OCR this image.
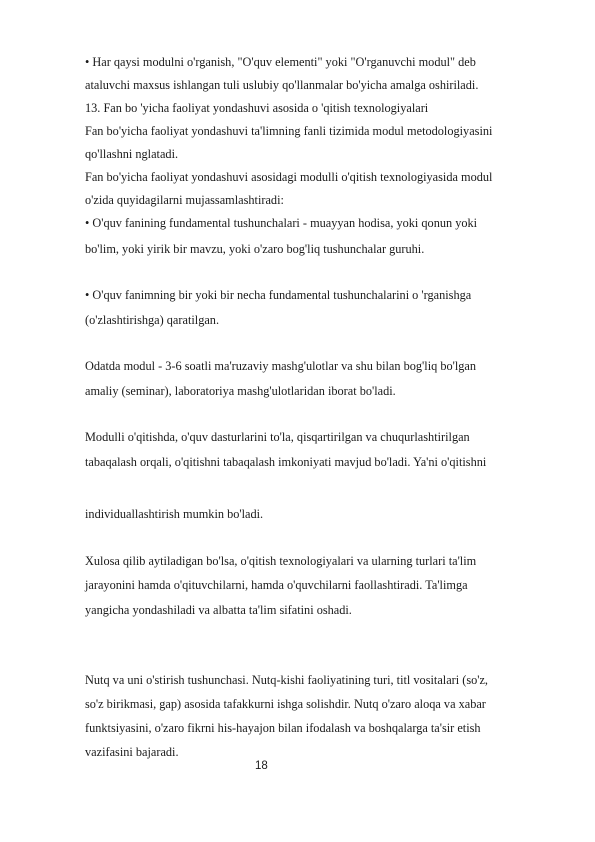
• Har qaysi modulni o'rganish, "O'quv elementi" yoki "O'rganuvchi modul" deb
ataluvchi maxsus ishlangan tuli uslubiy qo'llanmalar bo'yicha amalga oshiriladi.
13. Fan bo 'yicha faoliyat yondashuvi asosida o 'qitish texnologiyalari
Fan bo'yicha faoliyat yondashuvi ta'limning fanli tizimida modul metodologiyasini
qo'llashni nglatadi.
Fan bo'yicha faoliyat yondashuvi asosidagi modulli o'qitish texnologiyasida modul
o'zida quyidagilarni mujassamlashtiradi:
• O'quv fanining fundamental tushunchalari - muayyan hodisa, yoki qonun yoki
bo'lim, yoki yirik bir mavzu, yoki o'zaro bog'liq tushunchalar guruhi.
• O'quv fanimning bir yoki bir necha fundamental tushunchalarini o 'rganishga
(o'zlashtirishga) qaratilgan.
Odatda modul - 3-6 soatli ma'ruzaviy mashg'ulotlar va shu bilan bog'liq bo'lgan
amaliy (seminar), laboratoriya mashg'ulotlaridan iborat bo'ladi.
Modulli o'qitishda, o'quv dasturlarini to'la, qisqartirilgan va chuqurlashtirilgan
tabaqalash orqali, o'qitishni tabaqalash imkoniyati mavjud bo'ladi. Ya'ni o'qitishni
individuallashtirish mumkin bo'ladi.
Xulosa qilib aytiladigan bo'lsa, o'qitish texnologiyalari va ularning turlari ta'lim
jarayonini hamda o'qituvchilarni, hamda o'quvchilarni faollashtiradi. Ta'limga
yangicha yondashiladi va albatta ta'lim sifatini oshadi.
Nutq va uni o'stirish tushunchasi. Nutq-kishi faoliyatining turi, titl vositalari (so'z,
so'z birikmasi, gap) asosida tafakkurni ishga solishdir. Nutq o'zaro aloqa va xabar
funktsiyasini, o'zaro fikrni his-hayajon bilan ifodalash va boshqalarga ta'sir etish
vazifasini bajaradi.
18
